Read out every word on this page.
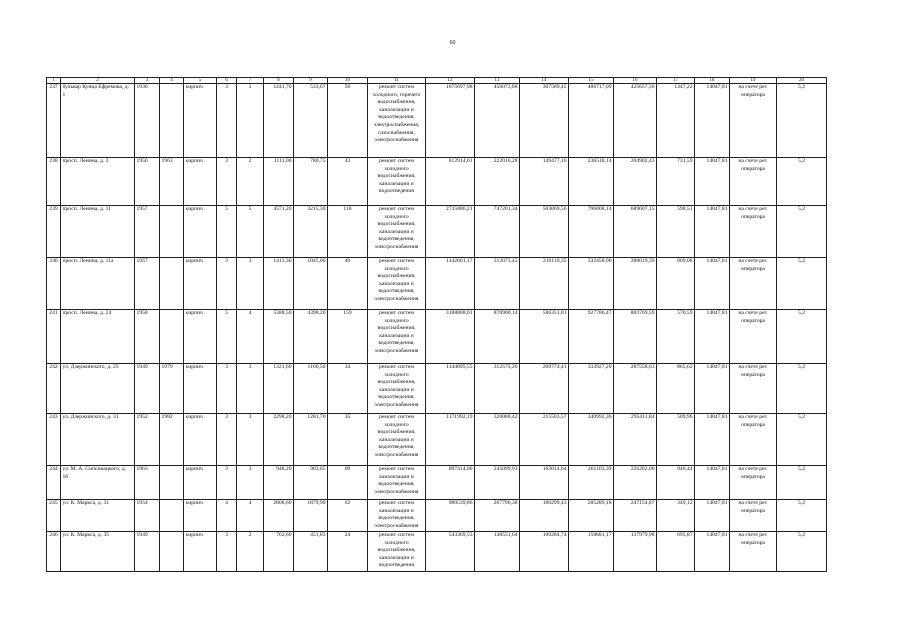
60
1	2	3	4	5	6	7	8	9	10	11	12	13	14	15	16	17	18	19	20

237	бульвар Кунца Ефремова, д. 1	1936		кирпич	3	3	1241,70	533,67	56	ремонт систем холодного, горячего водоснабжения, канализации и водоотведения, электроснабжения, газоснабжения, электроснабжения	1675697,98	456073,88	307589,45	486717,09	425657,56	1347,22	14047,81	на счете рег. оператора	5,2

238	просп. Ленина, д. 3	1950	1963	кирпич	3	2	1111,00	780,75	43	ремонт систем холодного водоснабжения, канализации и водоотведения	812914,01	222016,28	149477,16	236518,14	204902,43	731,59	14047,81	на счете рег. оператора	5,2

239	просп. Ленина, д. 11	1957		кирпич	5	5	4571,20	3215,30	118	ремонт систем холодного водоснабжения, канализации и водоотведения, электроснабжения	2735886,21	747201,34	503069,56	796008,14	689607,15	598,51	14047,81	на счете рег. оператора	5,2

240	просп. Ленина, д. 11а	1957		кирпич	3	3	1413,30	1045,00	40	ремонт систем холодного водоснабжения, канализации и водоотведения, электроснабжения	1142661,17	312073,43	210110,35	332458,00	288019,39	809,08	14047,81	на счете рег. оператора	5,2

241	просп. Ленина, д. 24	1958		кирпич	5	4	5588,50	4398,20	159	ремонт систем холодного водоснабжения, канализации и водоотведения, электроснабжения	3188808,01	870900,14	586351,81	927786,47	803769,59	570,59	14047,81	на счете рег. оператора	5,2

242	ул. Дзержинского, д. 25	1949	1979	кирпич	3	3	1321,60	1166,50	34	ремонт систем холодного водоснабжения, канализации и водоотведения, электроснабжения	1144895,55	312575,26	209774,41	333927,20	287558,63	865,62	14047,81	на счете рег. оператора	5,2

243	ул. Дзержинского, д. 31	1952	1982	кирпич	3	3	2298,20	1281,70	35	ремонт систем холодного водоснабжения, канализации и водоотведения, электроснабжения	1171992,19	320088,42	215503,57	340992,36	295411,84	509,96	14047,81	на счете рег. оператора	5,2

244	ул. М. А. Сипсинацкого, д. 16	1963		кирпич	3	3	948,20	903,65	09	ремонт систем канализации и водоотведения, электроснабжения	897414,00	245099,93	165014,64	261103,39	226202,06	946,44	14047,81	на счете рег. оператора	5,2

245	ул. К. Маркса, д. 31	1954		кирпич	4	4	2808,60	1879,90	62	ремонт систем канализации и водоотведения, электроснабжения	980539,86	267796,38	180299,43	285289,18	247154,87	349,12	14047,81	на счете рег. оператора	5,2

246	ул. К. Маркса, д. 35	1949		кирпич	3	2	762,60	451,83	24	ремонт систем холодного водоснабжения, канализации и водоотведения	543369,53	148551,64	100284,74	158681,17	137979,98	695,87	14047,81	на счете рег. оператора	5,2
